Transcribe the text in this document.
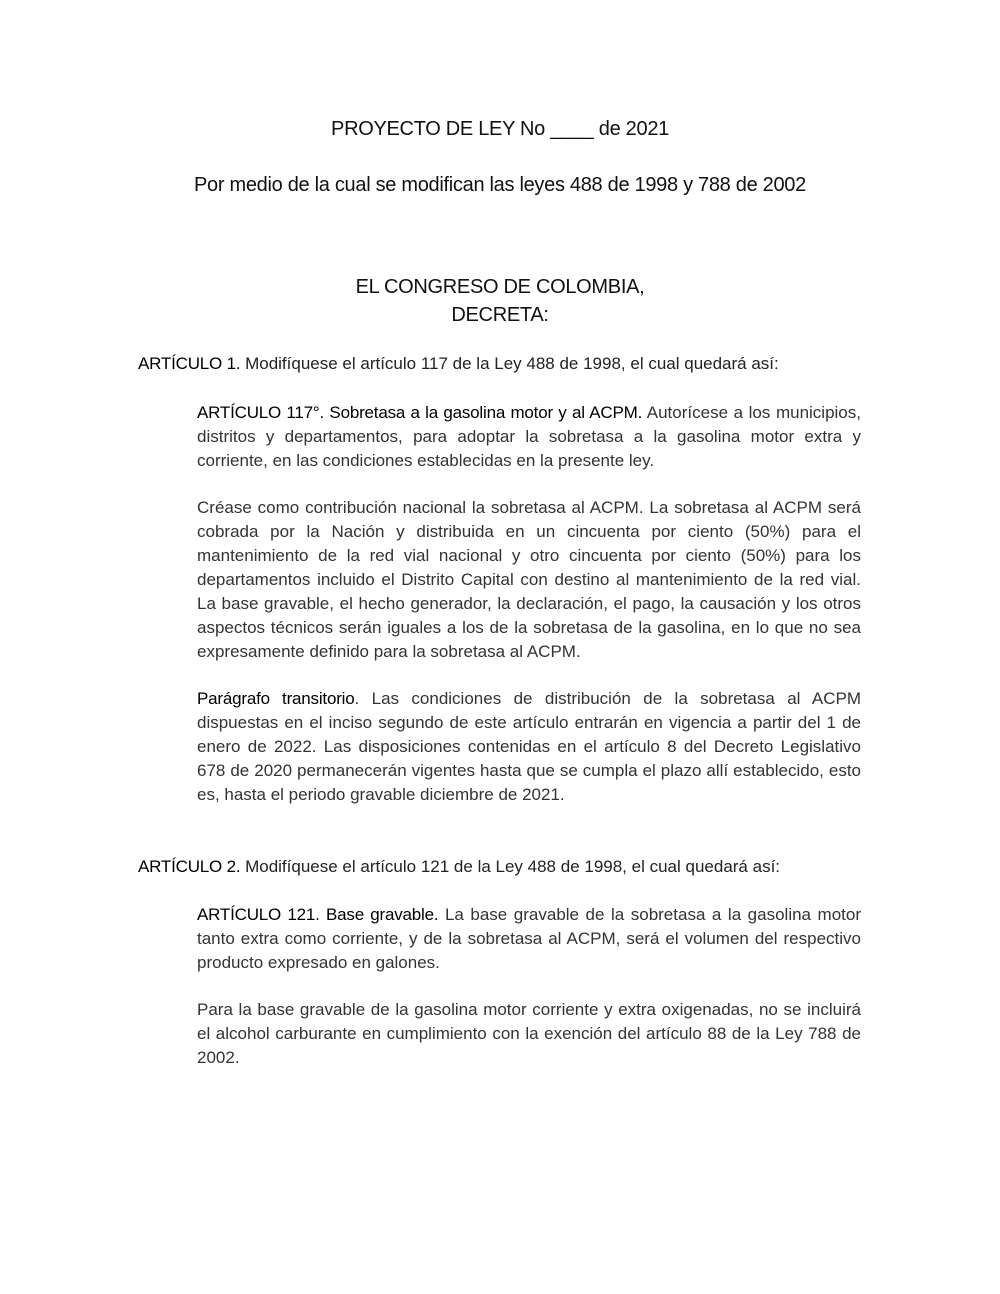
PROYECTO DE LEY No ____ de 2021
Por medio de la cual se modifican las leyes 488 de 1998 y 788 de 2002
EL CONGRESO DE COLOMBIA,
DECRETA:
ARTÍCULO 1. Modifíquese el artículo 117 de la Ley 488 de 1998, el cual quedará así:
ARTÍCULO 117°. Sobretasa a la gasolina motor y al ACPM. Autorícese a los municipios, distritos y departamentos, para adoptar la sobretasa a la gasolina motor extra y corriente, en las condiciones establecidas en la presente ley.
Créase como contribución nacional la sobretasa al ACPM. La sobretasa al ACPM será cobrada por la Nación y distribuida en un cincuenta por ciento (50%) para el mantenimiento de la red vial nacional y otro cincuenta por ciento (50%) para los departamentos incluido el Distrito Capital con destino al mantenimiento de la red vial. La base gravable, el hecho generador, la declaración, el pago, la causación y los otros aspectos técnicos serán iguales a los de la sobretasa de la gasolina, en lo que no sea expresamente definido para la sobretasa al ACPM.
Parágrafo transitorio. Las condiciones de distribución de la sobretasa al ACPM dispuestas en el inciso segundo de este artículo entrarán en vigencia a partir del 1 de enero de 2022. Las disposiciones contenidas en el artículo 8 del Decreto Legislativo 678 de 2020 permanecerán vigentes hasta que se cumpla el plazo allí establecido, esto es, hasta el periodo gravable diciembre de 2021.
ARTÍCULO 2. Modifíquese el artículo 121 de la Ley 488 de 1998, el cual quedará así:
ARTÍCULO 121. Base gravable. La base gravable de la sobretasa a la gasolina motor tanto extra como corriente, y de la sobretasa al ACPM, será el volumen del respectivo producto expresado en galones.
Para la base gravable de la gasolina motor corriente y extra oxigenadas, no se incluirá el alcohol carburante en cumplimiento con la exención del artículo 88 de la Ley 788 de 2002.
